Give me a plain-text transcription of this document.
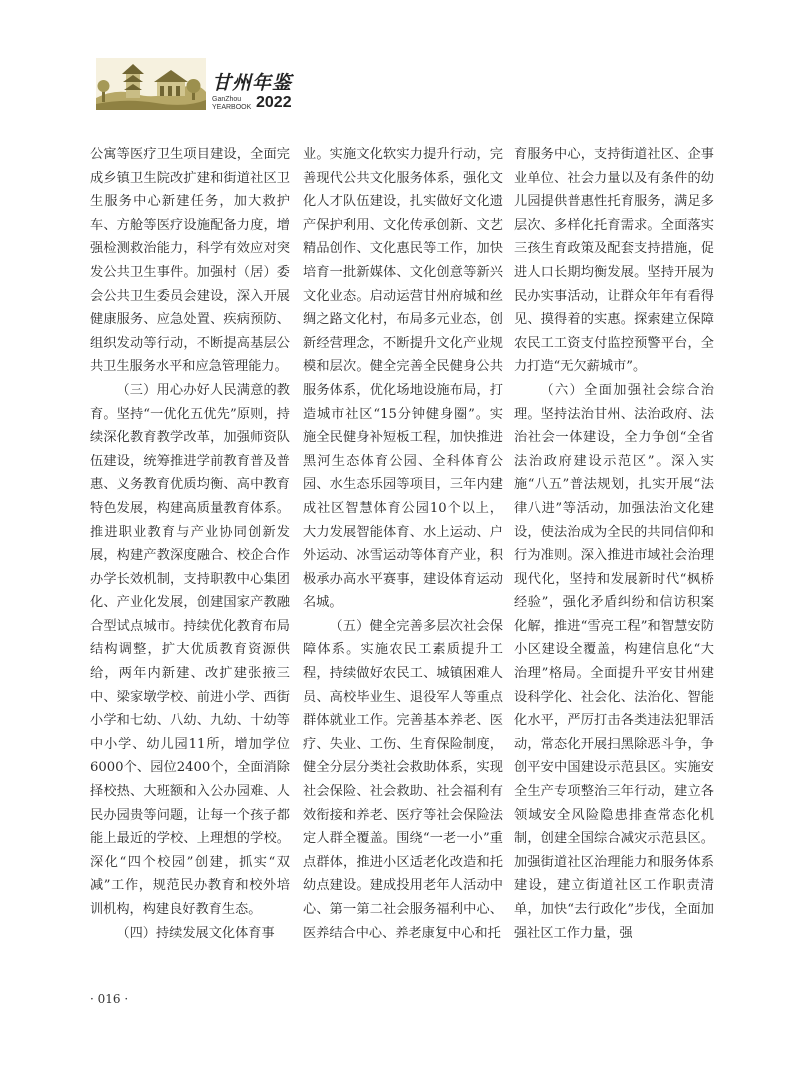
甘州年鉴
GanZhou
YEARBOOK 2022

公寓等医疗卫生项目建设，全面完成乡镇卫生院改扩建和街道社区卫生服务中心新建任务，加大救护车、方舱等医疗设施配备力度，增强检测救治能力，科学有效应对突发公共卫生事件。加强村（居）委会公共卫生委员会建设，深入开展健康服务、应急处置、疾病预防、组织发动等行动，不断提高基层公共卫生服务水平和应急管理能力。

（三）用心办好人民满意的教育。坚持“一优化五优先”原则，持续深化教育教学改革，加强师资队伍建设，统筹推进学前教育普及普惠、义务教育优质均衡、高中教育特色发展，构建高质量教育体系。推进职业教育与产业协同创新发展，构建产教深度融合、校企合作办学长效机制，支持职教中心集团化、产业化发展，创建国家产教融合型试点城市。持续优化教育布局结构调整，扩大优质教育资源供给，两年内新建、改扩建张掖三中、梁家墩学校、前进小学、西街小学和七幼、八幼、九幼、十幼等中小学、幼儿园11所，增加学位6000个、园位2400个，全面消除择校热、大班额和入公办园难、人民办园贵等问题，让每一个孩子都能上最近的学校、上理想的学校。深化“四个校园”创建，抓实“双减”工作，规范民办教育和校外培训机构，构建良好教育生态。

（四）持续发展文化体育事

业。实施文化软实力提升行动，完善现代公共文化服务体系，强化文化人才队伍建设，扎实做好文化遗产保护利用、文化传承创新、文艺精品创作、文化惠民等工作，加快培育一批新媒体、文化创意等新兴文化业态。启动运营甘州府城和丝绸之路文化村，布局多元业态，创新经营理念，不断提升文化产业规模和层次。健全完善全民健身公共服务体系，优化场地设施布局，打造城市社区“15分钟健身圈”。实施全民健身补短板工程，加快推进黑河生态体育公园、全科体育公园、水生态乐园等项目，三年内建成社区智慧体育公园10个以上，大力发展智能体育、水上运动、户外运动、冰雪运动等体育产业，积极承办高水平赛事，建设体育运动名城。

（五）健全完善多层次社会保障体系。实施农民工素质提升工程，持续做好农民工、城镇困难人员、高校毕业生、退役军人等重点群体就业工作。完善基本养老、医疗、失业、工伤、生育保险制度，健全分层分类社会救助体系，实现社会保险、社会救助、社会福利有效衔接和养老、医疗等社会保险法定人群全覆盖。围绕“一老一小”重点群体，推进小区适老化改造和托幼点建设。建成投用老年人活动中心、第一第二社会服务福利中心、医养结合中心、养老康复中心和托

育服务中心，支持街道社区、企事业单位、社会力量以及有条件的幼儿园提供普惠性托育服务，满足多层次、多样化托育需求。全面落实三孩生育政策及配套支持措施，促进人口长期均衡发展。坚持开展为民办实事活动，让群众年年有看得见、摸得着的实惠。探索建立保障农民工工资支付监控预警平台，全力打造“无欠薪城市”。

（六）全面加强社会综合治理。坚持法治甘州、法治政府、法治社会一体建设，全力争创“全省法治政府建设示范区”。深入实施“八五”普法规划，扎实开展“法律八进”等活动，加强法治文化建设，使法治成为全民的共同信仰和行为准则。深入推进市域社会治理现代化，坚持和发展新时代“枫桥经验”，强化矛盾纠纷和信访积案化解，推进“雪亮工程”和智慧安防小区建设全覆盖，构建信息化“大治理”格局。全面提升平安甘州建设科学化、社会化、法治化、智能化水平，严厉打击各类违法犯罪活动，常态化开展扫黑除恶斗争，争创平安中国建设示范县区。实施安全生产专项整治三年行动，建立各领域安全风险隐患排查常态化机制，创建全国综合减灾示范县区。加强街道社区治理能力和服务体系建设，建立街道社区工作职责清单，加快“去行政化”步伐，全面加强社区工作力量，强

· 016 ·
